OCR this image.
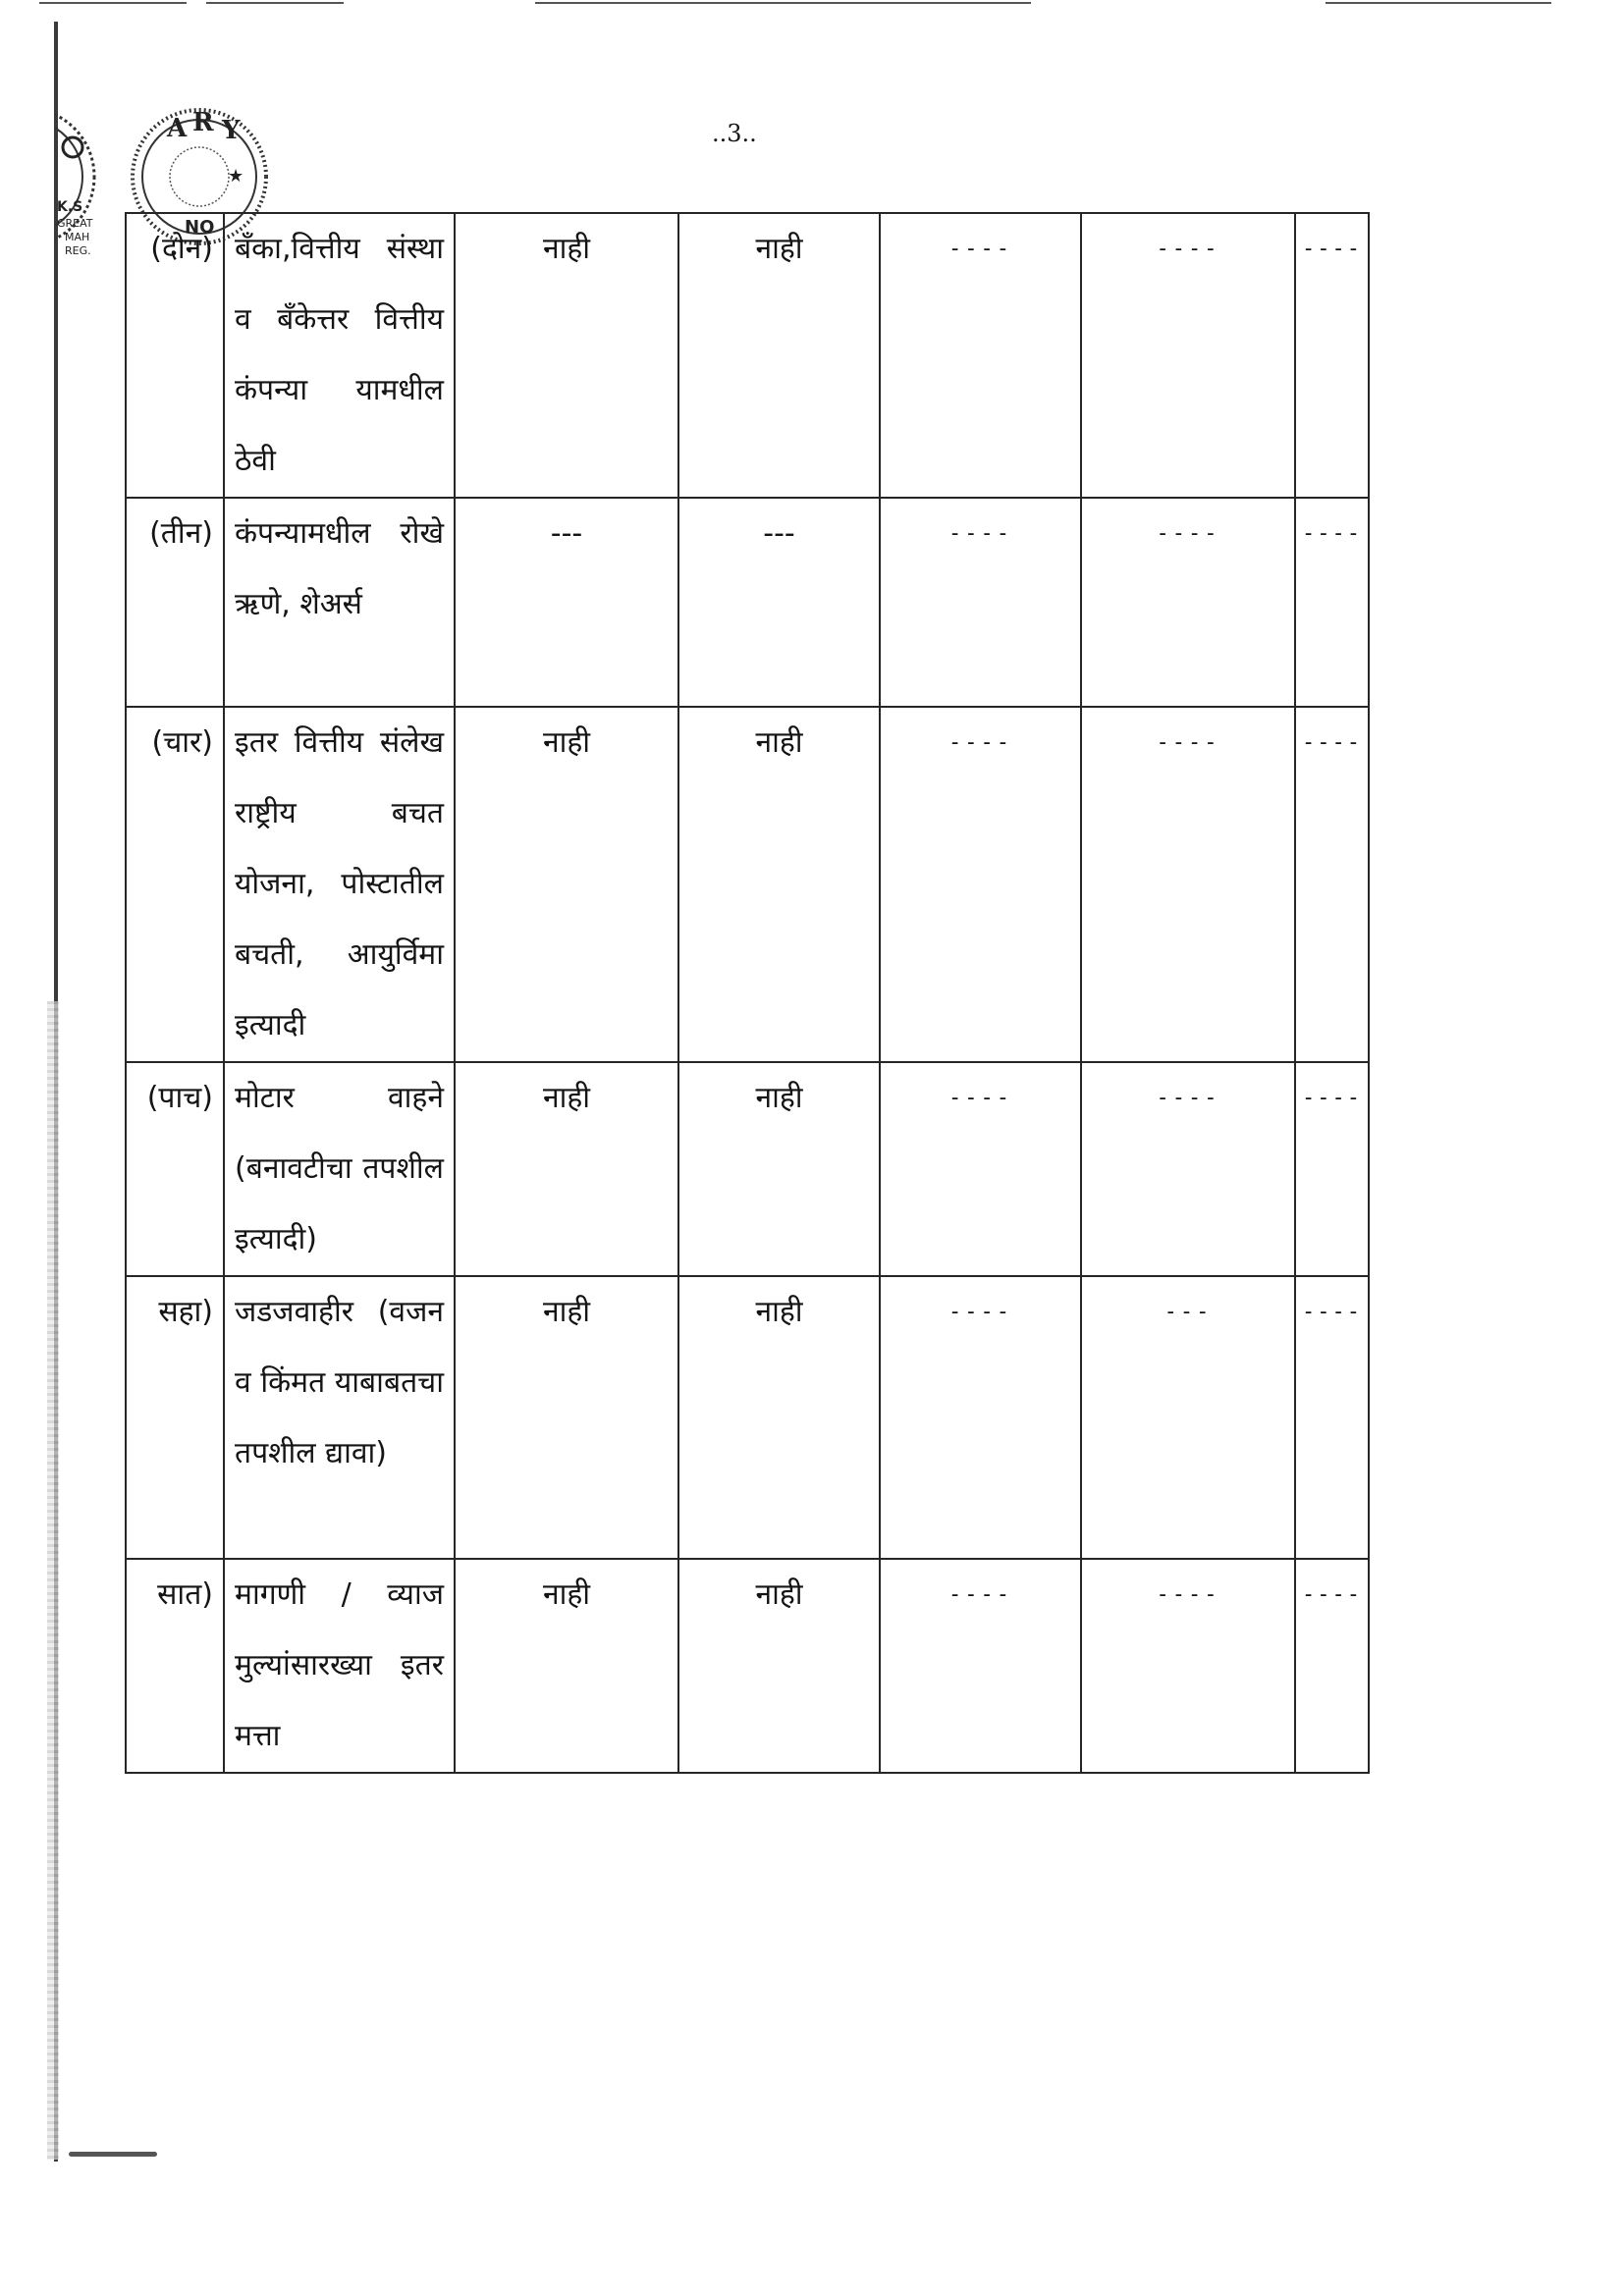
..3..
K.S
GREAT
MAH
REG.
A R Y
★
NO
(दोन)	बँका,वित्तीय संस्था व बँकेत्तर वित्तीय कंपन्या यामधील ठेवी	नाही	नाही	----	----	----
(तीन)	कंपन्यामधील रोखे ऋणे, शेअर्स	---	---	----	----	----
(चार)	इतर वित्तीय संलेख राष्ट्रीय बचत योजना, पोस्टातील बचती, आयुर्विमा इत्यादी	नाही	नाही	----	----	----
(पाच)	मोटार वाहने (बनावटीचा तपशील इत्यादी)	नाही	नाही	----	----	----
सहा)	जडजवाहीर (वजन व किंमत याबाबतचा तपशील द्यावा)	नाही	नाही	----	---	----
सात)	मागणी / व्याज मुल्यांसारख्या इतर मत्ता	नाही	नाही	----	----	----
